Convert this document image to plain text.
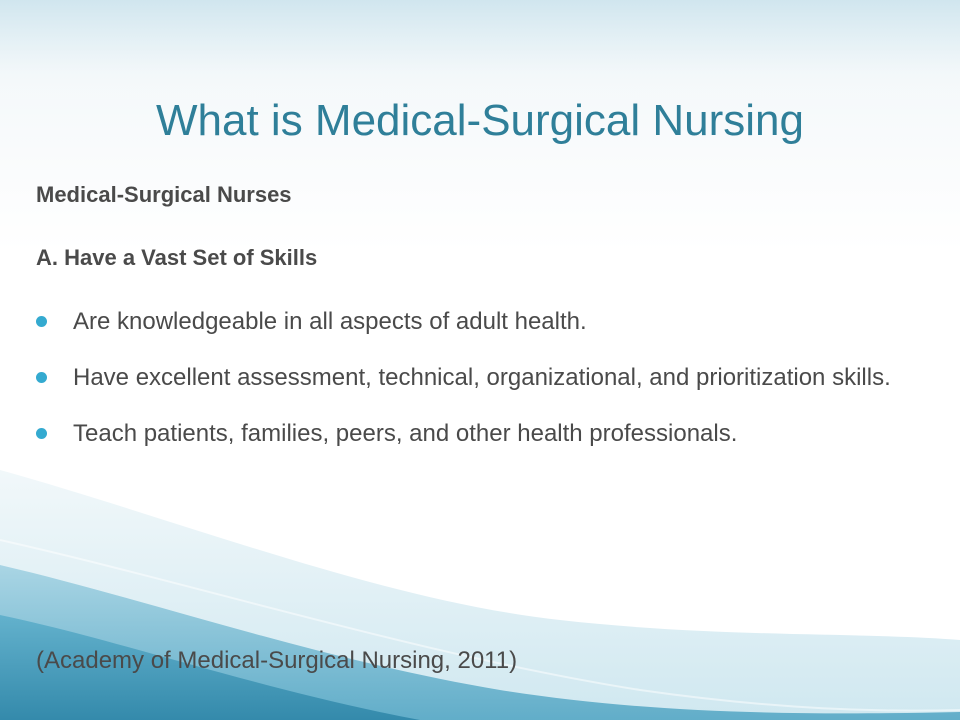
What is Medical-Surgical Nursing
Medical-Surgical Nurses
A. Have a Vast Set of Skills
Are knowledgeable in all aspects of adult health.
Have excellent assessment, technical, organizational, and prioritization skills.
Teach patients, families, peers, and other health professionals.
(Academy of Medical-Surgical Nursing, 2011)
